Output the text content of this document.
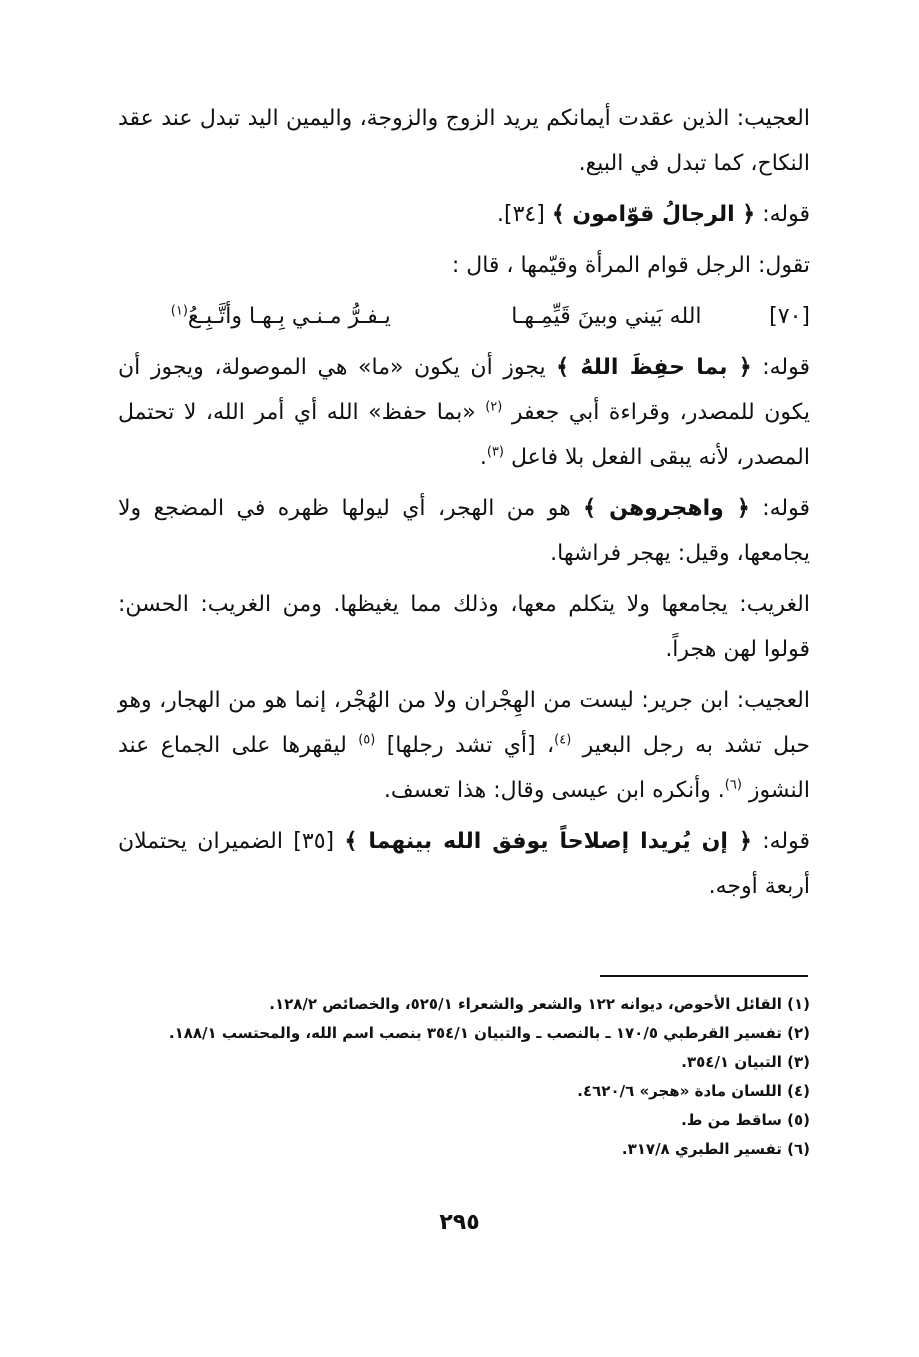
العجيب: الذين عقدت أيمانكم يريد الزوج والزوجة، واليمين اليد تبدل عند عقد النكاح، كما تبدل في البيع.

قوله: ﴿ الرجالُ قوّامون ﴾ [٣٤].

تقول: الرجل قوام المرأة وقيّمها ، قال :

[٧٠]
الله بَيني وبينَ قَيِّمِـهـا
يـفـرُّ مـنـي بِـهـا وأتَّـبِـعُ$^{(١)}$

قوله: ﴿ بما حفِظَ اللهُ ﴾ يجوز أن يكون «ما» هي الموصولة، ويجوز أن يكون للمصدر، وقراءة أبي جعفر $^{(٢)}$ «بما حفظ» الله أي أمر الله، لا تحتمل المصدر، لأنه يبقى الفعل بلا فاعل $^{(٣)}$.

قوله: ﴿ واهجروهن ﴾ هو من الهجر، أي ليولها ظهره في المضجع ولا يجامعها، وقيل: يهجر فراشها.

الغريب: يجامعها ولا يتكلم معها، وذلك مما يغيظها. ومن الغريب: الحسن: قولوا لهن هجراً.

العجيب: ابن جرير: ليست من الهِجْران ولا من الهُجْر، إنما هو من الهجار، وهو حبل تشد به رجل البعير $^{(٤)}$، [أي تشد رجلها] $^{(٥)}$ ليقهرها على الجماع عند النشوز $^{(٦)}$. وأنكره ابن عيسى وقال: هذا تعسف.

قوله: ﴿ إن يُريدا إصلاحاً يوفق الله بينهما ﴾ [٣٥] الضميران يحتملان أربعة أوجه.

(١) القائل الأحوص، ديوانه ١٢٢ والشعر والشعراء ٥٢٥/١، والخصائص ١٢٨/٢.

(٢) تفسير القرطبي ١٧٠/٥ ـ بالنصب ـ والتبيان ٣٥٤/١ بنصب اسم الله، والمحتسب ١٨٨/١.

(٣) التبيان ٣٥٤/١.

(٤) اللسان مادة «هجر» ٤٦٢٠/٦.

(٥) ساقط من ط.

(٦) تفسير الطبري ٣١٧/٨.

٢٩٥
